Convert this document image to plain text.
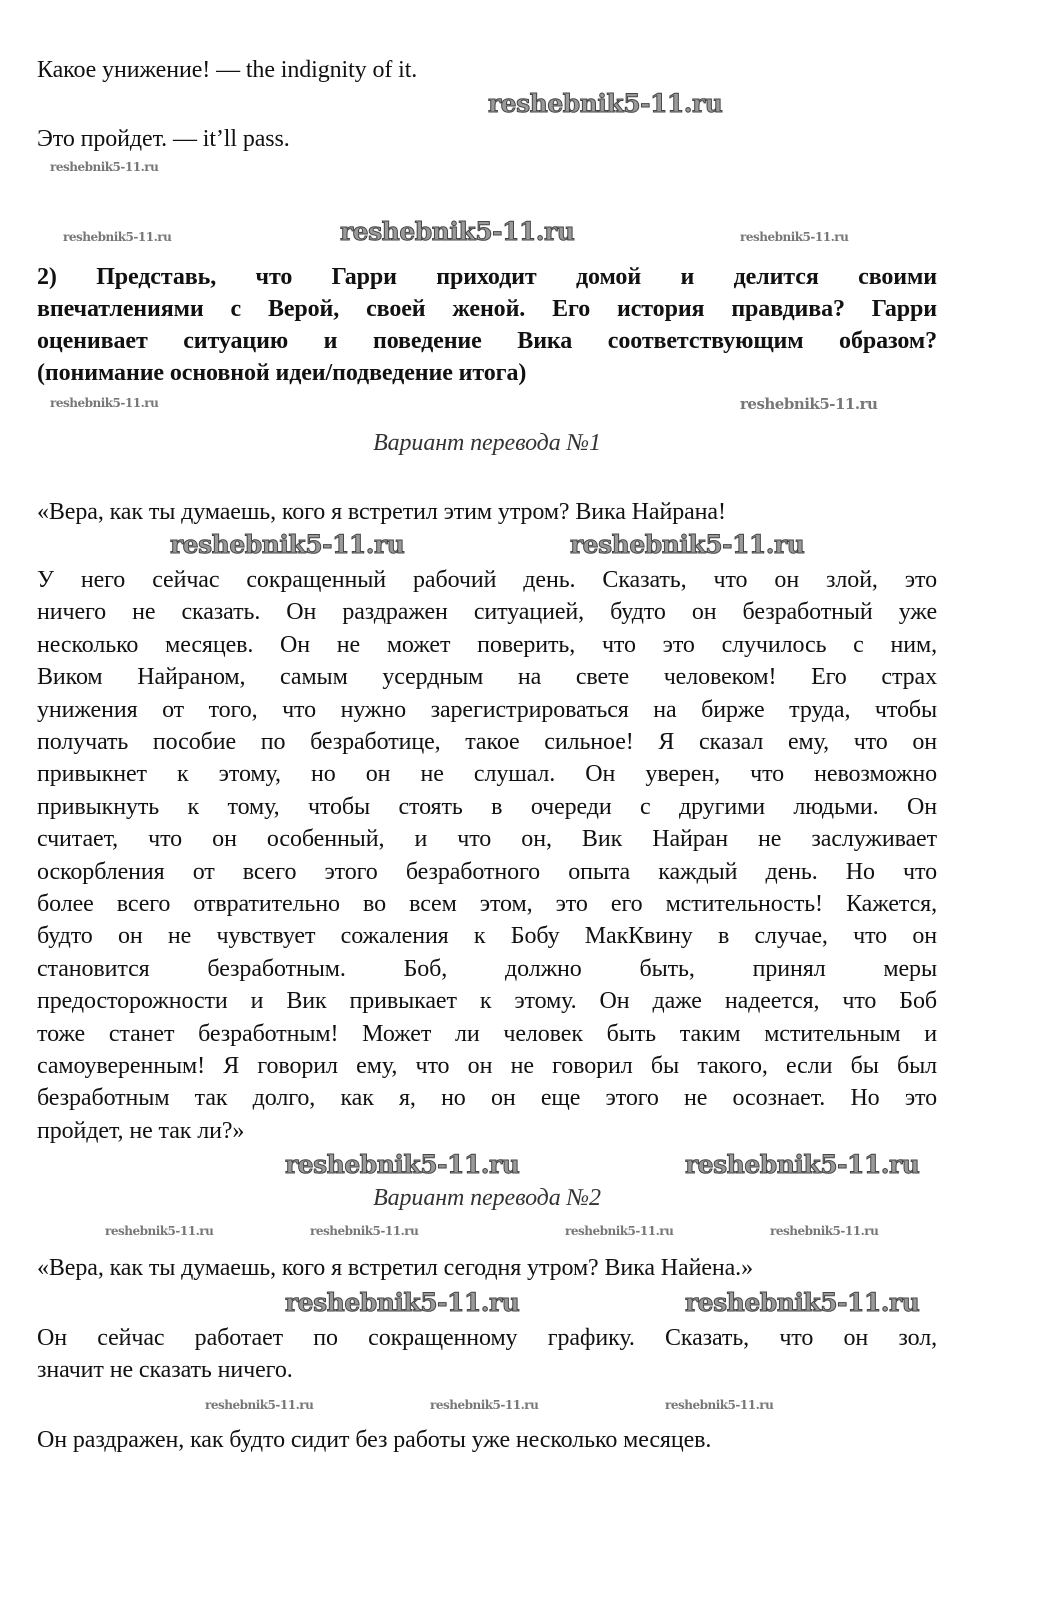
Какое унижение! — the indignity of it.
Это пройдет. — it’ll pass.
2) Представь, что Гарри приходит домой и делится своими
впечатлениями с Верой, своей женой. Его история правдива? Гарри
оценивает ситуацию и поведение Вика соответствующим образом?
(понимание основной идеи/подведение итога)
Вариант перевода №1
«Вера, как ты думаешь, кого я встретил этим утром? Вика Найрана!
У него сейчас сокращенный рабочий день. Сказать, что он злой, это
ничего не сказать. Он раздражен ситуацией, будто он безработный уже
несколько месяцев. Он не может поверить, что это случилось с ним,
Виком Найраном, самым усердным на свете человеком! Его страх
унижения от того, что нужно зарегистрироваться на бирже труда, чтобы
получать пособие по безработице, такое сильное! Я сказал ему, что он
привыкнет к этому, но он не слушал. Он уверен, что невозможно
привыкнуть к тому, чтобы стоять в очереди с другими людьми. Он
считает, что он особенный, и что он, Вик Найран не заслуживает
оскорбления от всего этого безработного опыта каждый день. Но что
более всего отвратительно во всем этом, это его мстительность! Кажется,
будто он не чувствует сожаления к Бобу МакКвину в случае, что он
становится безработным. Боб, должно быть, принял меры
предосторожности и Вик привыкает к этому. Он даже надеется, что Боб
тоже станет безработным! Может ли человек быть таким мстительным и
самоуверенным! Я говорил ему, что он не говорил бы такого, если бы был
безработным так долго, как я, но он еще этого не осознает. Но это
пройдет, не так ли?»
Вариант перевода №2
«Вера, как ты думаешь, кого я встретил сегодня утром? Вика Найена.»
Он сейчас работает по сокращенному графику. Сказать, что он зол,
значит не сказать ничего.
Он раздражен, как будто сидит без работы уже несколько месяцев.
reshebnik5-11.ru
reshebnik5-11.ru
reshebnik5-11.ru	reshebnik5-11.ru	reshebnik5-11.ru
reshebnik5-11.ru	reshebnik5-11.ru
reshebnik5-11.ru	reshebnik5-11.ru
reshebnik5-11.ru	reshebnik5-11.ru
reshebnik5-11.ru
reshebnik5-11.ru	reshebnik5-11.ru	reshebnik5-11.ru	reshebnik5-11.ru
reshebnik5-11.ru	reshebnik5-11.ru
reshebnik5-11.ru	reshebnik5-11.ru
